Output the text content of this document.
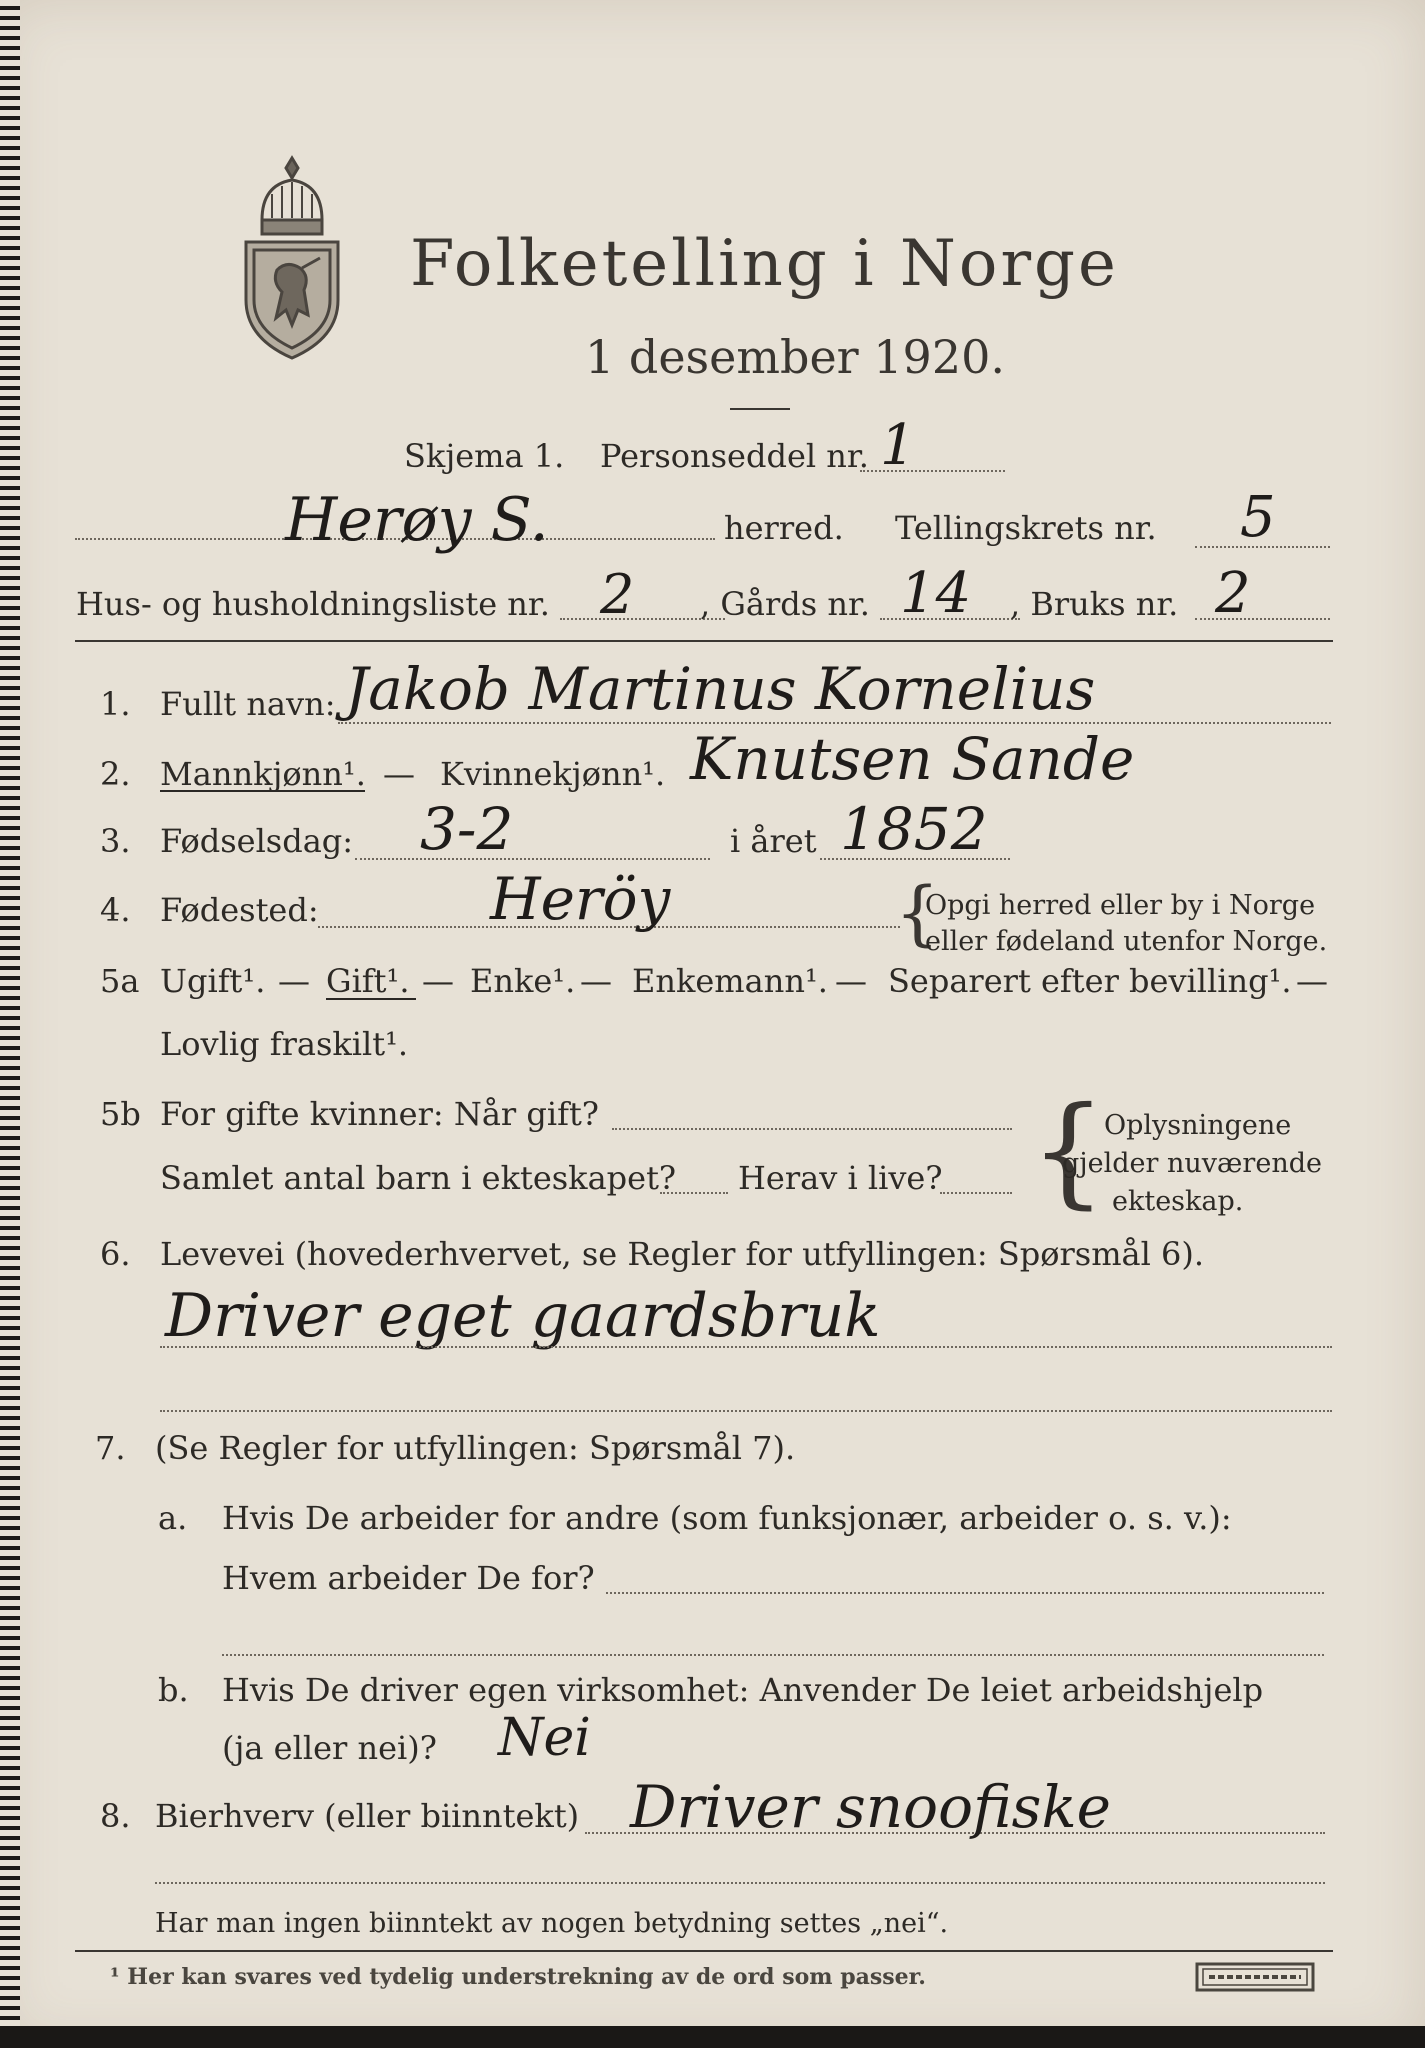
Folketelling i Norge
1 desember 1920.
Skjema 1. Personseddel nr. 1
Herøy S.	herred. Tellingskrets nr. 5
Hus- og husholdningsliste nr. 2 , Gårds nr. 14 , Bruks nr. 2
1. Fullt navn: Jakob Martinus Kornelius
2. Mannkjønn¹. — Kvinnekjønn¹. Knutsen Sande
3. Fødselsdag: 3-2	i året 1852
4. Fødested:	Heröy	{
Opgi herred eller by i Norge
eller fødeland utenfor Norge.
5a Ugift¹. — Gift¹. — Enke¹. — Enkemann¹. — Separert efter bevilling¹. —
Lovlig fraskilt¹.
5b For gifte kvinner: Når gift?
Samlet antal barn i ekteskapet? Herav i live? {
Oplysningene
gjelder nuværende
ekteskap.
6. Levevei (hovederhvervet, se Regler for utfyllingen: Spørsmål 6).
Driver eget gaardsbruk
7. (Se Regler for utfyllingen: Spørsmål 7).
a. Hvis De arbeider for andre (som funksjonær, arbeider o. s. v.):
Hvem arbeider De for?
b. Hvis De driver egen virksomhet: Anvender De leiet arbeidshjelp
(ja eller nei)? Nei
8. Bierhverv (eller biinntekt) Driver snoofiske
Har man ingen biinntekt av nogen betydning settes „nei“.
¹ Her kan svares ved tydelig understrekning av de ord som passer.
